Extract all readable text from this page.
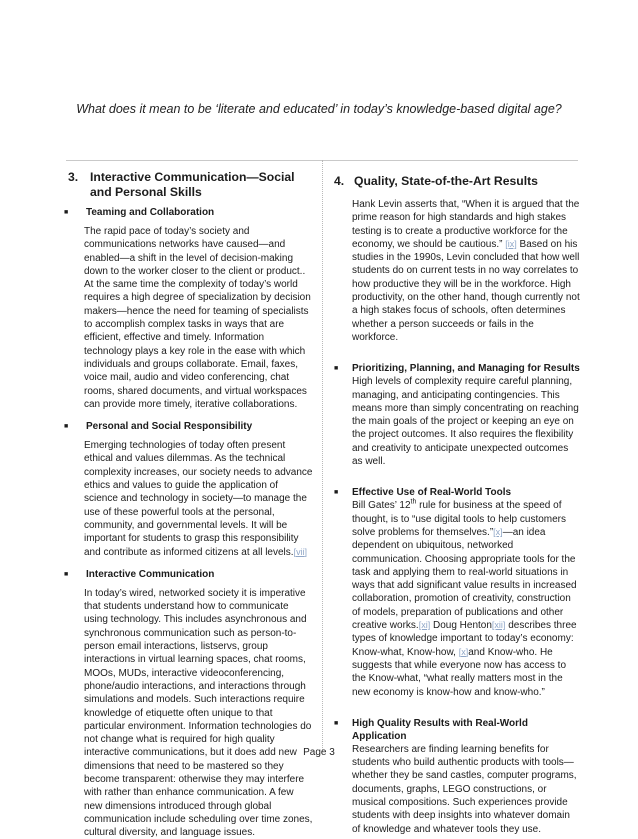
What does it mean to be ‘literate and educated’ in today’s knowledge-based digital age?
3. Interactive Communication—Social and Personal Skills
■	Teaming and Collaboration
The rapid pace of today’s society and communications networks have caused—and enabled—a shift in the level of decision-making down to the worker closer to the client or product.. At the same time the complexity of today’s world requires a high degree of specialization by decision makers—hence the need for teaming of specialists to accomplish complex tasks in ways that are efficient, effective and timely. Information technology plays a key role in the ease with which individuals and groups collaborate. Email, faxes, voice mail, audio and video conferencing, chat rooms, shared documents, and virtual workspaces can provide more timely, iterative collaborations.
■	Personal and Social Responsibility
Emerging technologies of today often present ethical and values dilemmas. As the technical complexity increases, our society needs to advance ethics and values to guide the application of science and technology in society—to manage the use of these powerful tools at the personal, community, and governmental levels. It will be important for students to grasp this responsibility and contribute as informed citizens at all levels.[vii]
■	Interactive Communication
In today’s wired, networked society it is imperative that students understand how to communicate using technology. This includes asynchronous and synchronous communication such as person-to-person email interactions, listservs, group interactions in virtual learning spaces, chat rooms, MOOs, MUDs, interactive videoconferencing, phone/audio interactions, and interactions through simulations and models. Such interactions require knowledge of etiquette often unique to that particular environment. Information technologies do not change what is required for high quality interactive communications, but it does add new dimensions that need to be mastered so they become transparent: otherwise they may interfere with rather than enhance communication. A few new dimensions introduced through global communication include scheduling over time zones, cultural diversity, and language issues.
4. Quality, State-of-the-Art Results
Hank Levin asserts that, “When it is argued that the prime reason for high standards and high stakes testing is to create a productive workforce for the economy, we should be cautious.” [ix] Based on his studies in the 1990s, Levin concluded that how well students do on current tests in no way correlates to how productive they will be in the workforce. High productivity, on the other hand, though currently not a high stakes focus of schools, often determines whether a person succeeds or fails in the workforce.
■	Prioritizing, Planning, and Managing for Results
High levels of complexity require careful planning, managing, and anticipating contingencies. This means more than simply concentrating on reaching the main goals of the project or keeping an eye on the project outcomes. It also requires the flexibility and creativity to anticipate unexpected outcomes as well.
■	Effective Use of Real-World Tools
Bill Gates’ 12th rule for business at the speed of thought, is to “use digital tools to help customers solve problems for themselves.”[x]—an idea dependent on ubiquitous, networked communication. Choosing appropriate tools for the task and applying them to real-world situations in ways that add significant value results in increased collaboration, promotion of creativity, construction of models, preparation of publications and other creative works.[xi] Doug Henton[xii] describes three types of knowledge important to today’s economy: Know-what, Know-how, [x]and Know-who. He suggests that while everyone now has access to the Know-what, “what really matters most in the new economy is know-how and know-who.”
■	High Quality Results with Real-World Application
Researchers are finding learning benefits for students who build authentic products with tools—whether they be sand castles, computer programs, documents, graphs, LEGO constructions, or musical compositions. Such experiences provide students with deep insights into whatever domain of knowledge and whatever tools they use.
Page 3
